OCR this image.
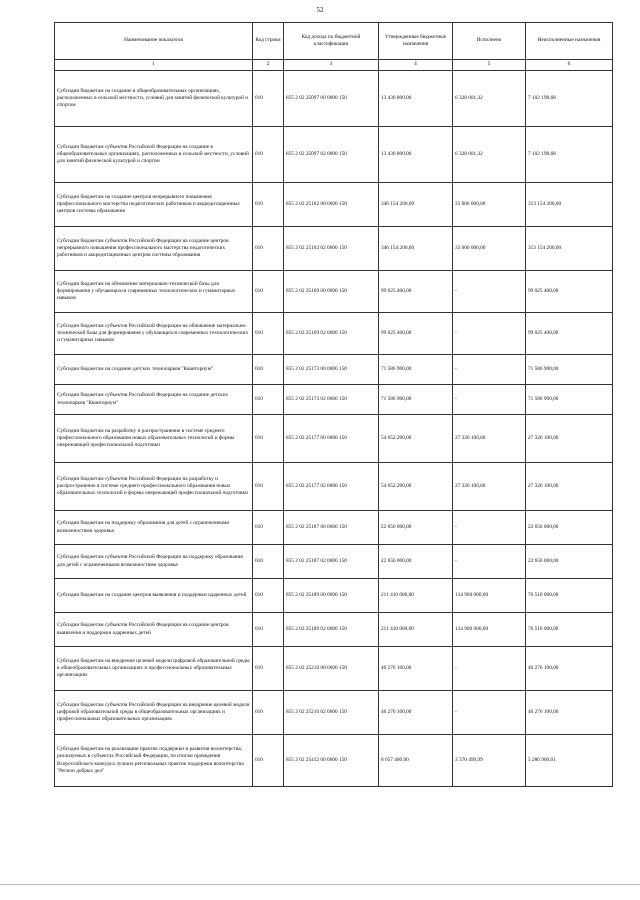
52
Наименование показателя	Код строки	Код дохода по бюджетной классификации	Утвержденные бюджетные назначения	Исполнено	Неисполненные назначения
1	2	3	4	5	6
Субсидии бюджетам на создание в общеобразовательных организациях, расположенных в сельской местности, условий для занятий физической культурой и спортом	010	855 2 02 25097 00 0000 150	13 430 800,00	6 328 601,32	7 102 198,68
Субсидии бюджетам субъектов Российской Федерации на создание в общеобразовательных организациях, расположенных в сельской местности, условий для занятий физической культурой и спортом	010	855 2 02 25097 02 0000 150	13 430 800,00	6 328 601,32	7 102 198,68
Субсидии бюджетам на создание центров непрерывного повышения профессионального мастерства педагогических работников и аккредитационных центров системы образования	010	855 2 02 25162 00 0000 150	346 154 200,00	33 000 000,00	313 154 200,00
Субсидии бюджетам субъектов Российской Федерации на создание центров непрерывного повышения профессионального мастерства педагогических работников и аккредитационных центров системы образования	010	855 2 02 25162 02 0000 150	346 154 200,00	33 000 000,00	313 154 200,00
Субсидии бюджетам на обновление материально-технической базы для формирования у обучающихся современных технологических и гуманитарных навыков	010	855 2 02 25169 00 0000 150	99 025 400,00	-	99 025 400,00
Субсидии бюджетам субъектов Российской Федерации на обновление материально-технической базы для формирования у обучающихся современных технологических и гуманитарных навыков	010	855 2 02 25169 02 0000 150	99 025 400,00	-	99 025 400,00
Субсидии бюджетам на создание детских технопарков "Кванториум"	010	855 2 02 25173 00 0000 150	71 586 900,00	-	71 586 900,00
Субсидии бюджетам субъектов Российской Федерации на создание детских технопарков "Кванториум"	010	855 2 02 25173 02 0000 150	71 586 900,00	-	71 586 900,00
Субсидии бюджетам на разработку и распространение в системе среднего профессионального образования новых образовательных технологий и формы опережающей профессиональной подготовки	010	855 2 02 25177 00 0000 150	54 652 200,00	27 326 100,00	27 326 100,00
Субсидии бюджетам субъектов Российской Федерации на разработку и распространение в системе среднего профессионального образования новых образовательных технологий и формы опережающей профессиональной подготовки	010	855 2 02 25177 02 0000 150	54 652 200,00	27 326 100,00	27 326 100,00
Субсидии бюджетам на поддержку образования для детей с ограниченными возможностями здоровья	010	855 2 02 25187 00 0000 150	22 656 000,00	-	22 656 000,00
Субсидии бюджетам субъектов Российской Федерации на поддержку образования для детей с ограниченными возможностями здоровья	010	855 2 02 25187 02 0000 150	22 656 000,00	-	22 656 000,00
Субсидии бюджетам на создание центров выявления и поддержки одаренных детей	010	855 2 02 25189 00 0000 150	211 410 000,00	134 900 000,00	76 510 000,00
Субсидии бюджетам субъектов Российской Федерации на создание центров выявления и поддержки одаренных детей	010	855 2 02 25189 02 0000 150	211 410 000,00	134 900 000,00	76 510 000,00
Субсидии бюджетам на внедрение целевой модели цифровой образовательной среды в общеобразовательных организациях и профессиональных образовательных организациях	010	855 2 02 25210 00 0000 150	46 276 100,00	-	46 276 100,00
Субсидии бюджетам субъектов Российской Федерации на внедрение целевой модели цифровой образовательной среды в общеобразовательных организациях и профессиональных образовательных организациях	010	855 2 02 25210 02 0000 150	46 276 100,00	-	46 276 100,00
Субсидии бюджетам на реализацию практик поддержки и развития волонтерства, реализуемых в субъектах Российской Федерации, по итогам проведения Всероссийского конкурса лучших региональных практик поддержки волонтерства "Регион добрых дел"	010	855 2 02 25412 00 0000 150	8 657 400,00	3 370 499,99	5 286 900,01
